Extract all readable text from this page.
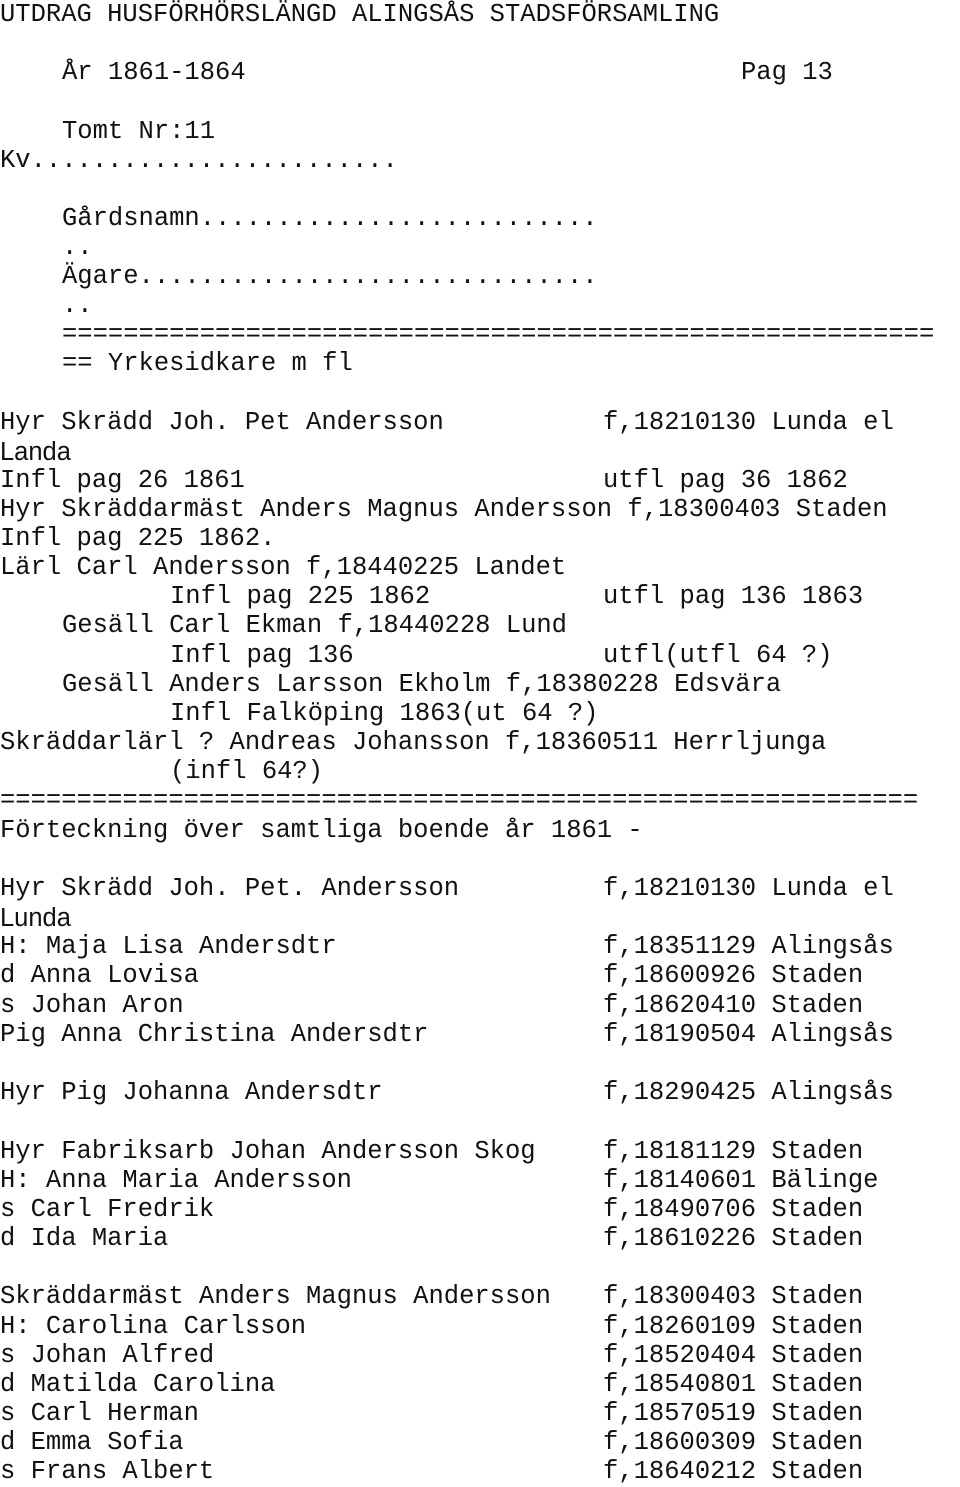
UTDRAG HUSFÖRHÖRSLÄNGD ALINGSÅS STADSFÖRSAMLING
År 1861-1864	Pag 13
Tomt Nr:11
Kv........................
Gårdsnamn..........................
..
Ägare..............................
..
=========================================================
== Yrkesidkare m fl
Hyr Skrädd Joh. Pet Andersson	f,18210130 Lunda el
Landa
Infl pag 26 1861	utfl pag 36 1862
Hyr Skräddarmäst Anders Magnus Andersson f,18300403 Staden
Infl pag 225 1862.
Lärl Carl Andersson f,18440225 Landet
Infl pag 225 1862	utfl pag 136 1863
Gesäll Carl Ekman f,18440228 Lund
Infl pag 136	utfl(utfl 64 ?)
Gesäll Anders Larsson Ekholm f,18380228 Edsvära
Infl Falköping 1863(ut 64 ?)
Skräddarlärl ? Andreas Johansson f,18360511 Herrljunga
(infl 64?)
============================================================
Förteckning över samtliga boende år 1861 -
Hyr Skrädd Joh. Pet. Andersson	f,18210130 Lunda el
Lunda
H: Maja Lisa Andersdtr	f,18351129 Alingsås
d Anna Lovisa	f,18600926 Staden
s Johan Aron	f,18620410 Staden
Pig Anna Christina Andersdtr	f,18190504 Alingsås
Hyr Pig Johanna Andersdtr	f,18290425 Alingsås
Hyr Fabriksarb Johan Andersson Skog	f,18181129 Staden
H: Anna Maria Andersson	f,18140601 Bälinge
s Carl Fredrik	f,18490706 Staden
d Ida Maria	f,18610226 Staden
Skräddarmäst Anders Magnus Andersson f,18300403 Staden
H: Carolina Carlsson	f,18260109 Staden
s Johan Alfred	f,18520404 Staden
d Matilda Carolina	f,18540801 Staden
s Carl Herman	f,18570519 Staden
d Emma Sofia	f,18600309 Staden
s Frans Albert	f,18640212 Staden
